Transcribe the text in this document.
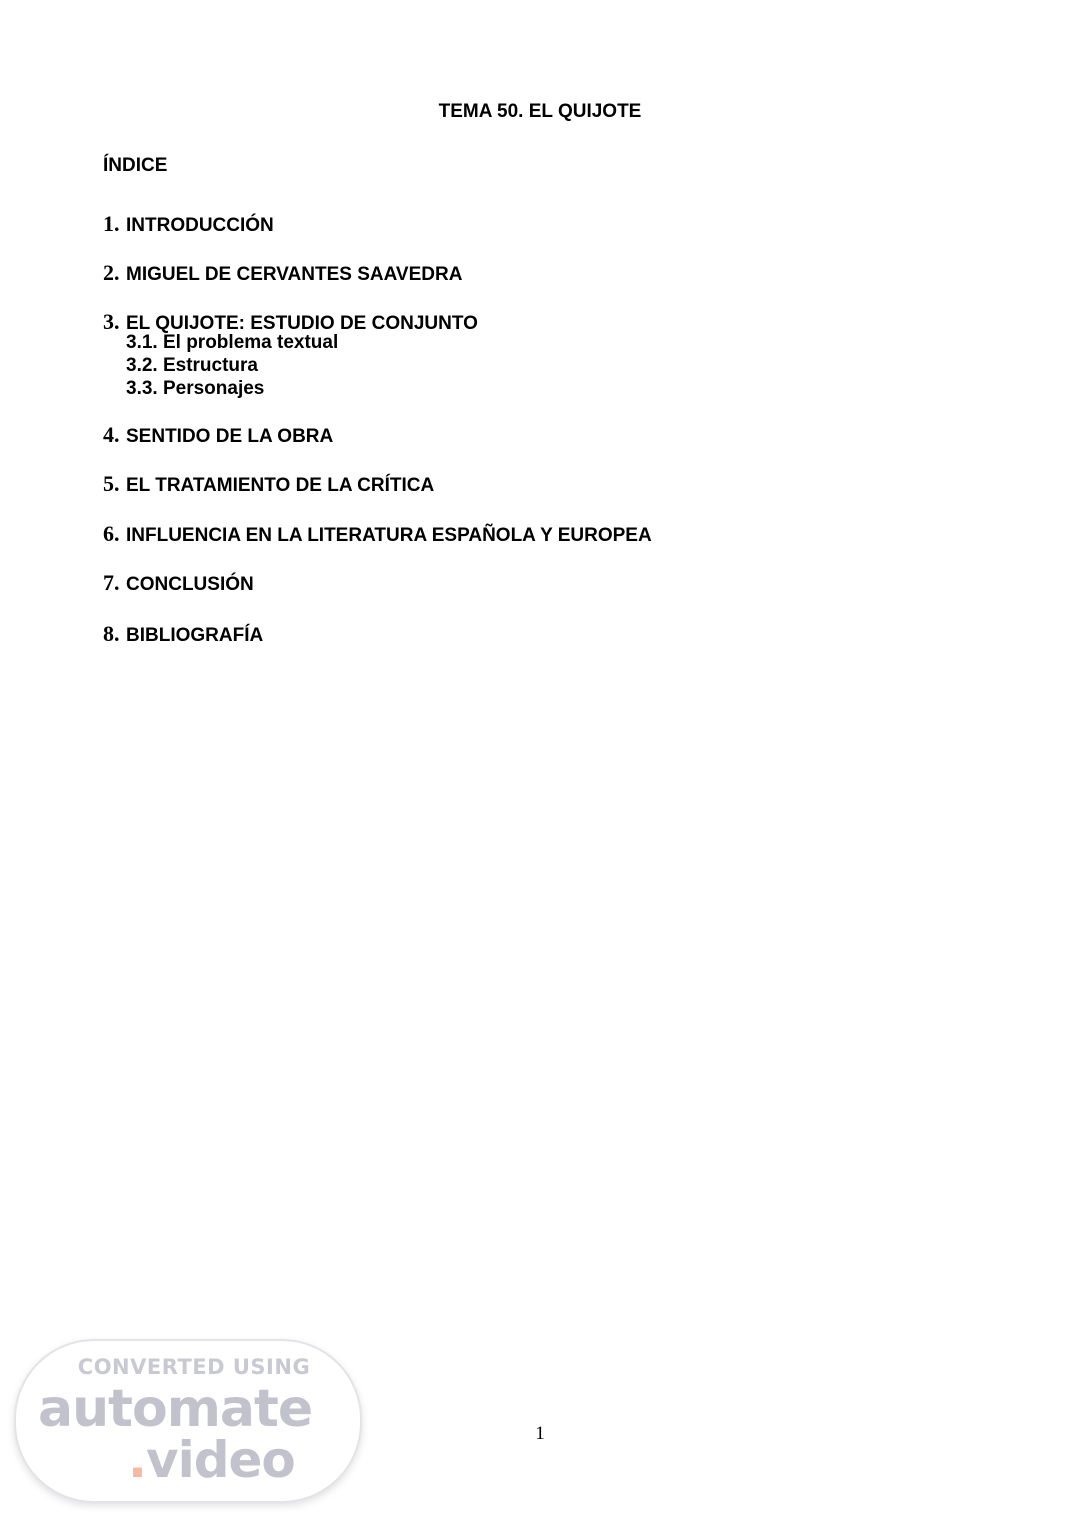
TEMA 50. EL QUIJOTE
ÍNDICE
1. INTRODUCCIÓN
2. MIGUEL DE CERVANTES SAAVEDRA
3. EL QUIJOTE: ESTUDIO DE CONJUNTO
3.1. El problema textual
3.2. Estructura
3.3. Personajes
4. SENTIDO DE LA OBRA
5. EL TRATAMIENTO DE LA CRÍTICA
6. INFLUENCIA EN LA LITERATURA ESPAÑOLA Y EUROPEA
7. CONCLUSIÓN
8. BIBLIOGRAFÍA
1
CONVERTED USING
automate
.video
